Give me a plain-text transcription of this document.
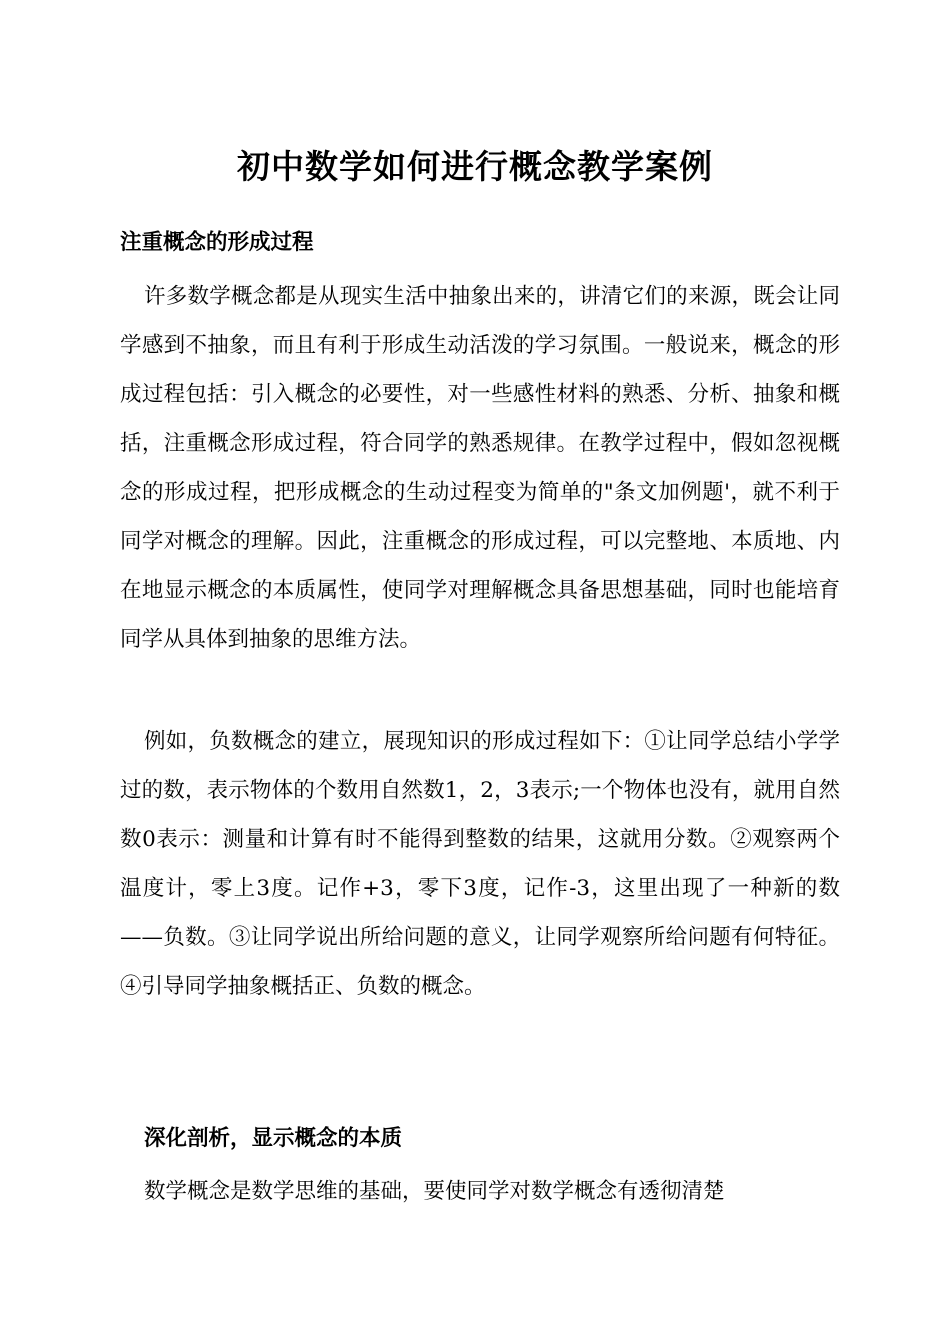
初中数学如何进行概念教学案例
注重概念的形成过程

许多数学概念都是从现实生活中抽象出来的，讲清它们的来源，既会让同学感到不抽象，而且有利于形成生动活泼的学习氛围。一般说来，概念的形成过程包括：引入概念的必要性，对一些感性材料的熟悉、分析、抽象和概括，注重概念形成过程，符合同学的熟悉规律。在教学过程中，假如忽视概念的形成过程，把形成概念的生动过程变为简单的"条文加例题'，就不利于同学对概念的理解。因此，注重概念的形成过程，可以完整地、本质地、内在地显示概念的本质属性，使同学对理解概念具备思想基础，同时也能培育同学从具体到抽象的思维方法。

例如，负数概念的建立，展现知识的形成过程如下：①让同学总结小学学过的数，表示物体的个数用自然数1，2，3表示;一个物体也没有，就用自然数0表示：测量和计算有时不能得到整数的结果，这就用分数。②观察两个温度计，零上3度。记作+3，零下3度，记作-3，这里出现了一种新的数——负数。③让同学说出所给问题的意义，让同学观察所给问题有何特征。④引导同学抽象概括正、负数的概念。

深化剖析，显示概念的本质

数学概念是数学思维的基础，要使同学对数学概念有透彻清楚
